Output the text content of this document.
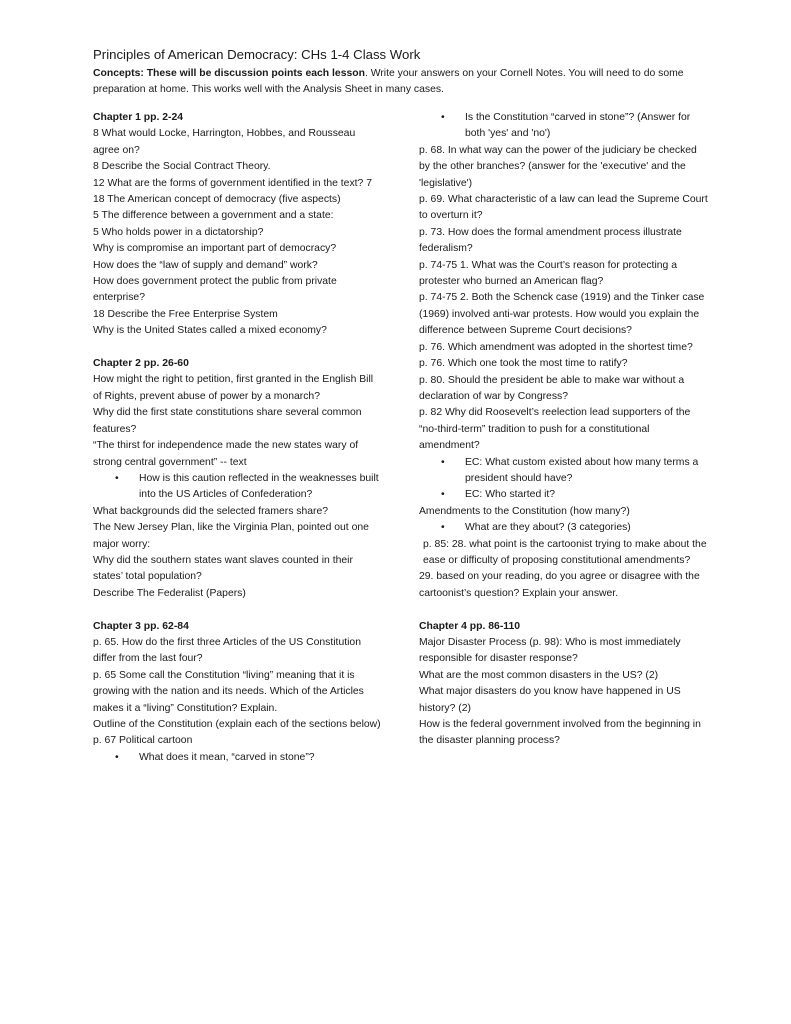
Principles of American Democracy: CHs 1-4 Class Work
Concepts: These will be discussion points each lesson. Write your answers on your Cornell Notes. You will need to do some preparation at home. This works well with the Analysis Sheet in many cases.

Chapter 1 pp. 2-24

8 What would Locke, Harrington, Hobbes, and Rousseau agree on?

8 Describe the Social Contract Theory.

12 What are the forms of government identified in the text? 7

18 The American concept of democracy (five aspects)

5 The difference between a government and a state:

5 Who holds power in a dictatorship?

Why is compromise an important part of democracy?

How does the “law of supply and demand” work?

How does government protect the public from private enterprise?

18 Describe the Free Enterprise System

Why is the United States called a mixed economy?

Chapter 2 pp. 26-60

How might the right to petition, first granted in the English Bill of Rights, prevent abuse of power by a monarch?

Why did the first state constitutions share several common features?

“The thirst for independence made the new states wary of strong central government” -- text

• How is this caution reflected in the weaknesses built into the US Articles of Confederation?

What backgrounds did the selected framers share?

The New Jersey Plan, like the Virginia Plan, pointed out one major worry:

Why did the southern states want slaves counted in their states’ total population?

Describe The Federalist (Papers)

Chapter 3 pp. 62-84

p. 65. How do the first three Articles of the US Constitution differ from the last four?

p. 65 Some call the Constitution “living” meaning that it is growing with the nation and its needs. Which of the Articles makes it a “living” Constitution? Explain.

Outline of the Constitution (explain each of the sections below)

p. 67 Political cartoon

• What does it mean, “carved in stone”?

• Is the Constitution “carved in stone”? (Answer for both 'yes' and 'no')

p. 68. In what way can the power of the judiciary be checked by the other branches? (answer for the 'executive' and the 'legislative')

p. 69. What characteristic of a law can lead the Supreme Court to overturn it?

p. 73. How does the formal amendment process illustrate federalism?

p. 74-75 1. What was the Court’s reason for protecting a protester who burned an American flag?

p. 74-75 2. Both the Schenck case (1919) and the Tinker case (1969) involved anti-war protests. How would you explain the difference between Supreme Court decisions?

p. 76. Which amendment was adopted in the shortest time?

p. 76. Which one took the most time to ratify?

p. 80. Should the president be able to make war without a declaration of war by Congress?

p. 82 Why did Roosevelt’s reelection lead supporters of the “no-third-term” tradition to push for a constitutional amendment?

• EC: What custom existed about how many terms a president should have?

• EC: Who started it?

Amendments to the Constitution (how many?)

• What are they about? (3 categories)

p. 85: 28. what point is the cartoonist trying to make about the ease or difficulty of proposing constitutional amendments?

29. based on your reading, do you agree or disagree with the cartoonist’s question? Explain your answer.

Chapter 4 pp. 86-110

Major Disaster Process (p. 98): Who is most immediately responsible for disaster response?

What are the most common disasters in the US? (2)

What major disasters do you know have happened in US history? (2)

How is the federal government involved from the beginning in the disaster planning process?
